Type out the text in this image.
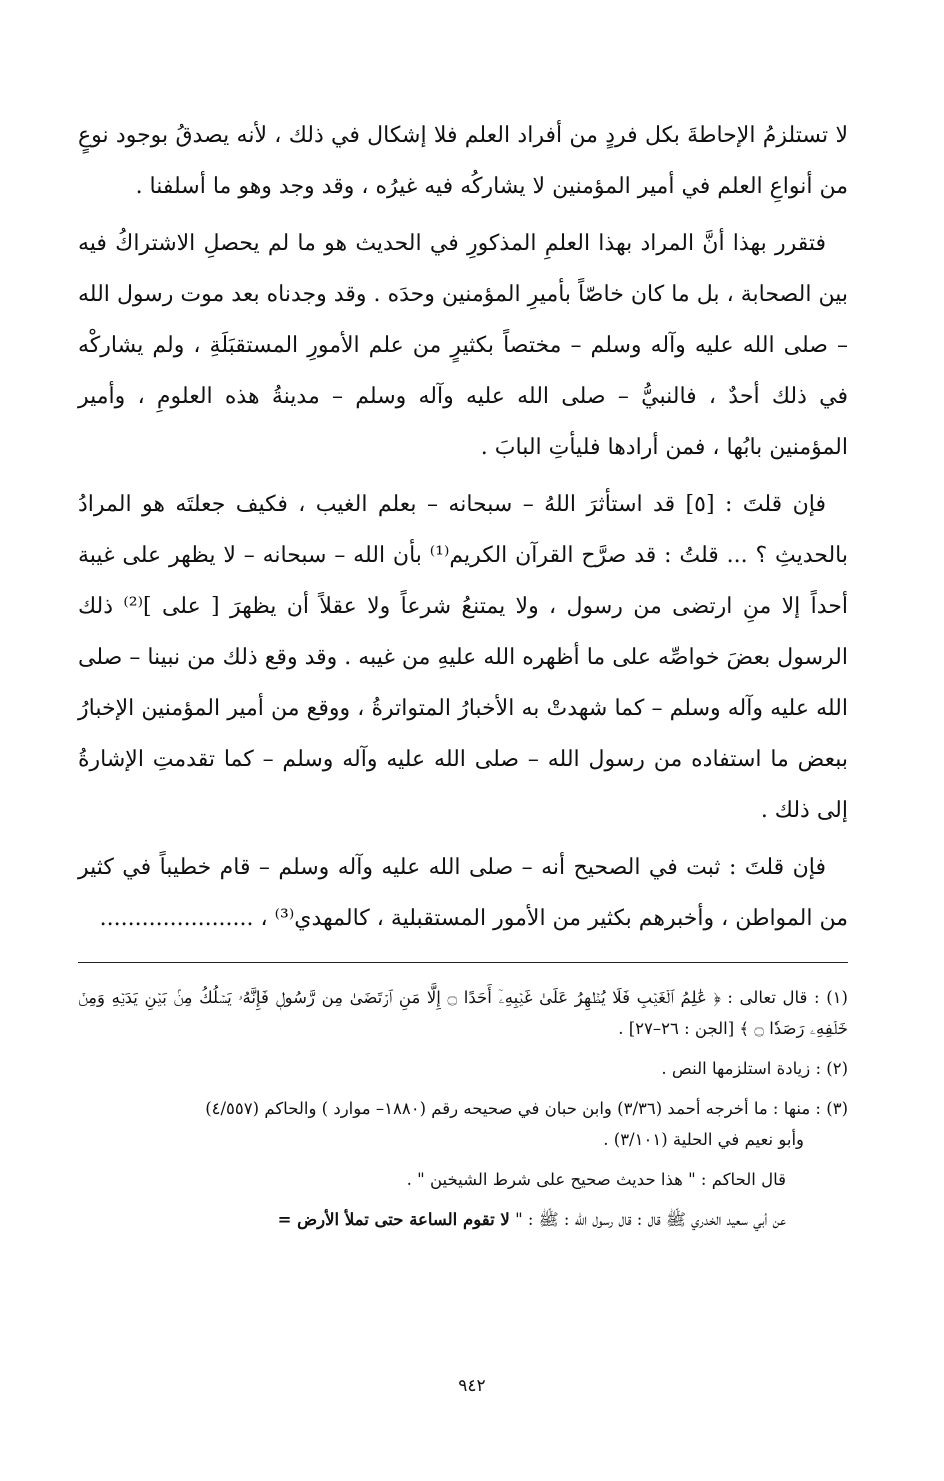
لا تستلزمُ الإحاطةَ بكل فردٍ من أفراد العلم فلا إشكال في ذلك ، لأنه يصدقُ بوجود نوعٍ من أنواعِ العلم في أمير المؤمنين لا يشاركُه فيه غيرُه ، وقد وجد وهو ما أسلفنا .

فتقرر بهذا أنَّ المراد بهذا العلمِ المذكورِ في الحديث هو ما لم يحصلِ الاشتراكُ فيه بين الصحابة ، بل ما كان خاصّاً بأميرِ المؤمنين وحدَه . وقد وجدناه بعد موت رسول الله – صلى الله عليه وآله وسلم – مختصاً بكثيرٍ من علم الأمورِ المستقبَلَةِ ، ولم يشاركْه في ذلك أحدٌ ، فالنبيُّ – صلى الله عليه وآله وسلم – مدينةُ هذه العلومِ ، وأمير المؤمنين بابُها ، فمن أرادها فليأتِ البابَ .

فإن قلتَ : [٥] قد استأثرَ اللهُ – سبحانه – بعلم الغيب ، فكيف جعلتَه هو المرادُ بالحديثِ ؟ ... قلتُ : قد صرَّح القرآن الكريم⁽¹⁾ بأن الله – سبحانه – لا يظهر على غيبة أحداً إلا منِ ارتضى من رسول ، ولا يمتنعُ شرعاً ولا عقلاً أن يظهرَ [ على ]⁽²⁾ ذلك الرسول بعضَ خواصِّه على ما أظهره الله عليهِ من غيبه . وقد وقع ذلك من نبينا – صلى الله عليه وآله وسلم – كما شهدتْ به الأخبارُ المتواترةُ ، ووقع من أمير المؤمنين الإخبارُ ببعض ما استفاده من رسول الله – صلى الله عليه وآله وسلم – كما تقدمتِ الإشارةُ إلى ذلك .

فإن قلتَ : ثبت في الصحيح أنه – صلى الله عليه وآله وسلم – قام خطيباً في كثير من المواطن ، وأخبرهم بكثير من الأمور المستقبلية ، كالمهدي⁽³⁾ ، ......................

(١) : قال تعالى : ﴿ عَٰلِمُ ٱلۡغَيۡبِ فَلَا يُظۡهِرُ عَلَىٰ غَيۡبِهِۦٓ أَحَدًا ۝ إِلَّا مَنِ ٱرۡتَضَىٰ مِن رَّسُولٖ فَإِنَّهُۥ يَسۡلُكُ مِنۢ بَيۡنِ يَدَيۡهِ وَمِنۡ خَلۡفِهِۦ رَصَدٗا ۝ ﴾ [الجن : ٢٦–٢٧] .

(٢) : زيادة استلزمها النص .

(٣) : منها : ما أخرجه أحمد (٣/٣٦) وابن حبان في صحيحه رقم (١٨٨٠– موارد ) والحاكم (٤/٥٥٧)

وأبو نعيم في الحلية (٣/١٠١) .

قال الحاكم : " هذا حديث صحيح على شرط الشيخين " .

عن أبي سعيد الخدري ﷺ قال : قال رسول الله : ﷺ : " لا تقوم الساعة حتى تملأ الأرض =

٩٤٢
